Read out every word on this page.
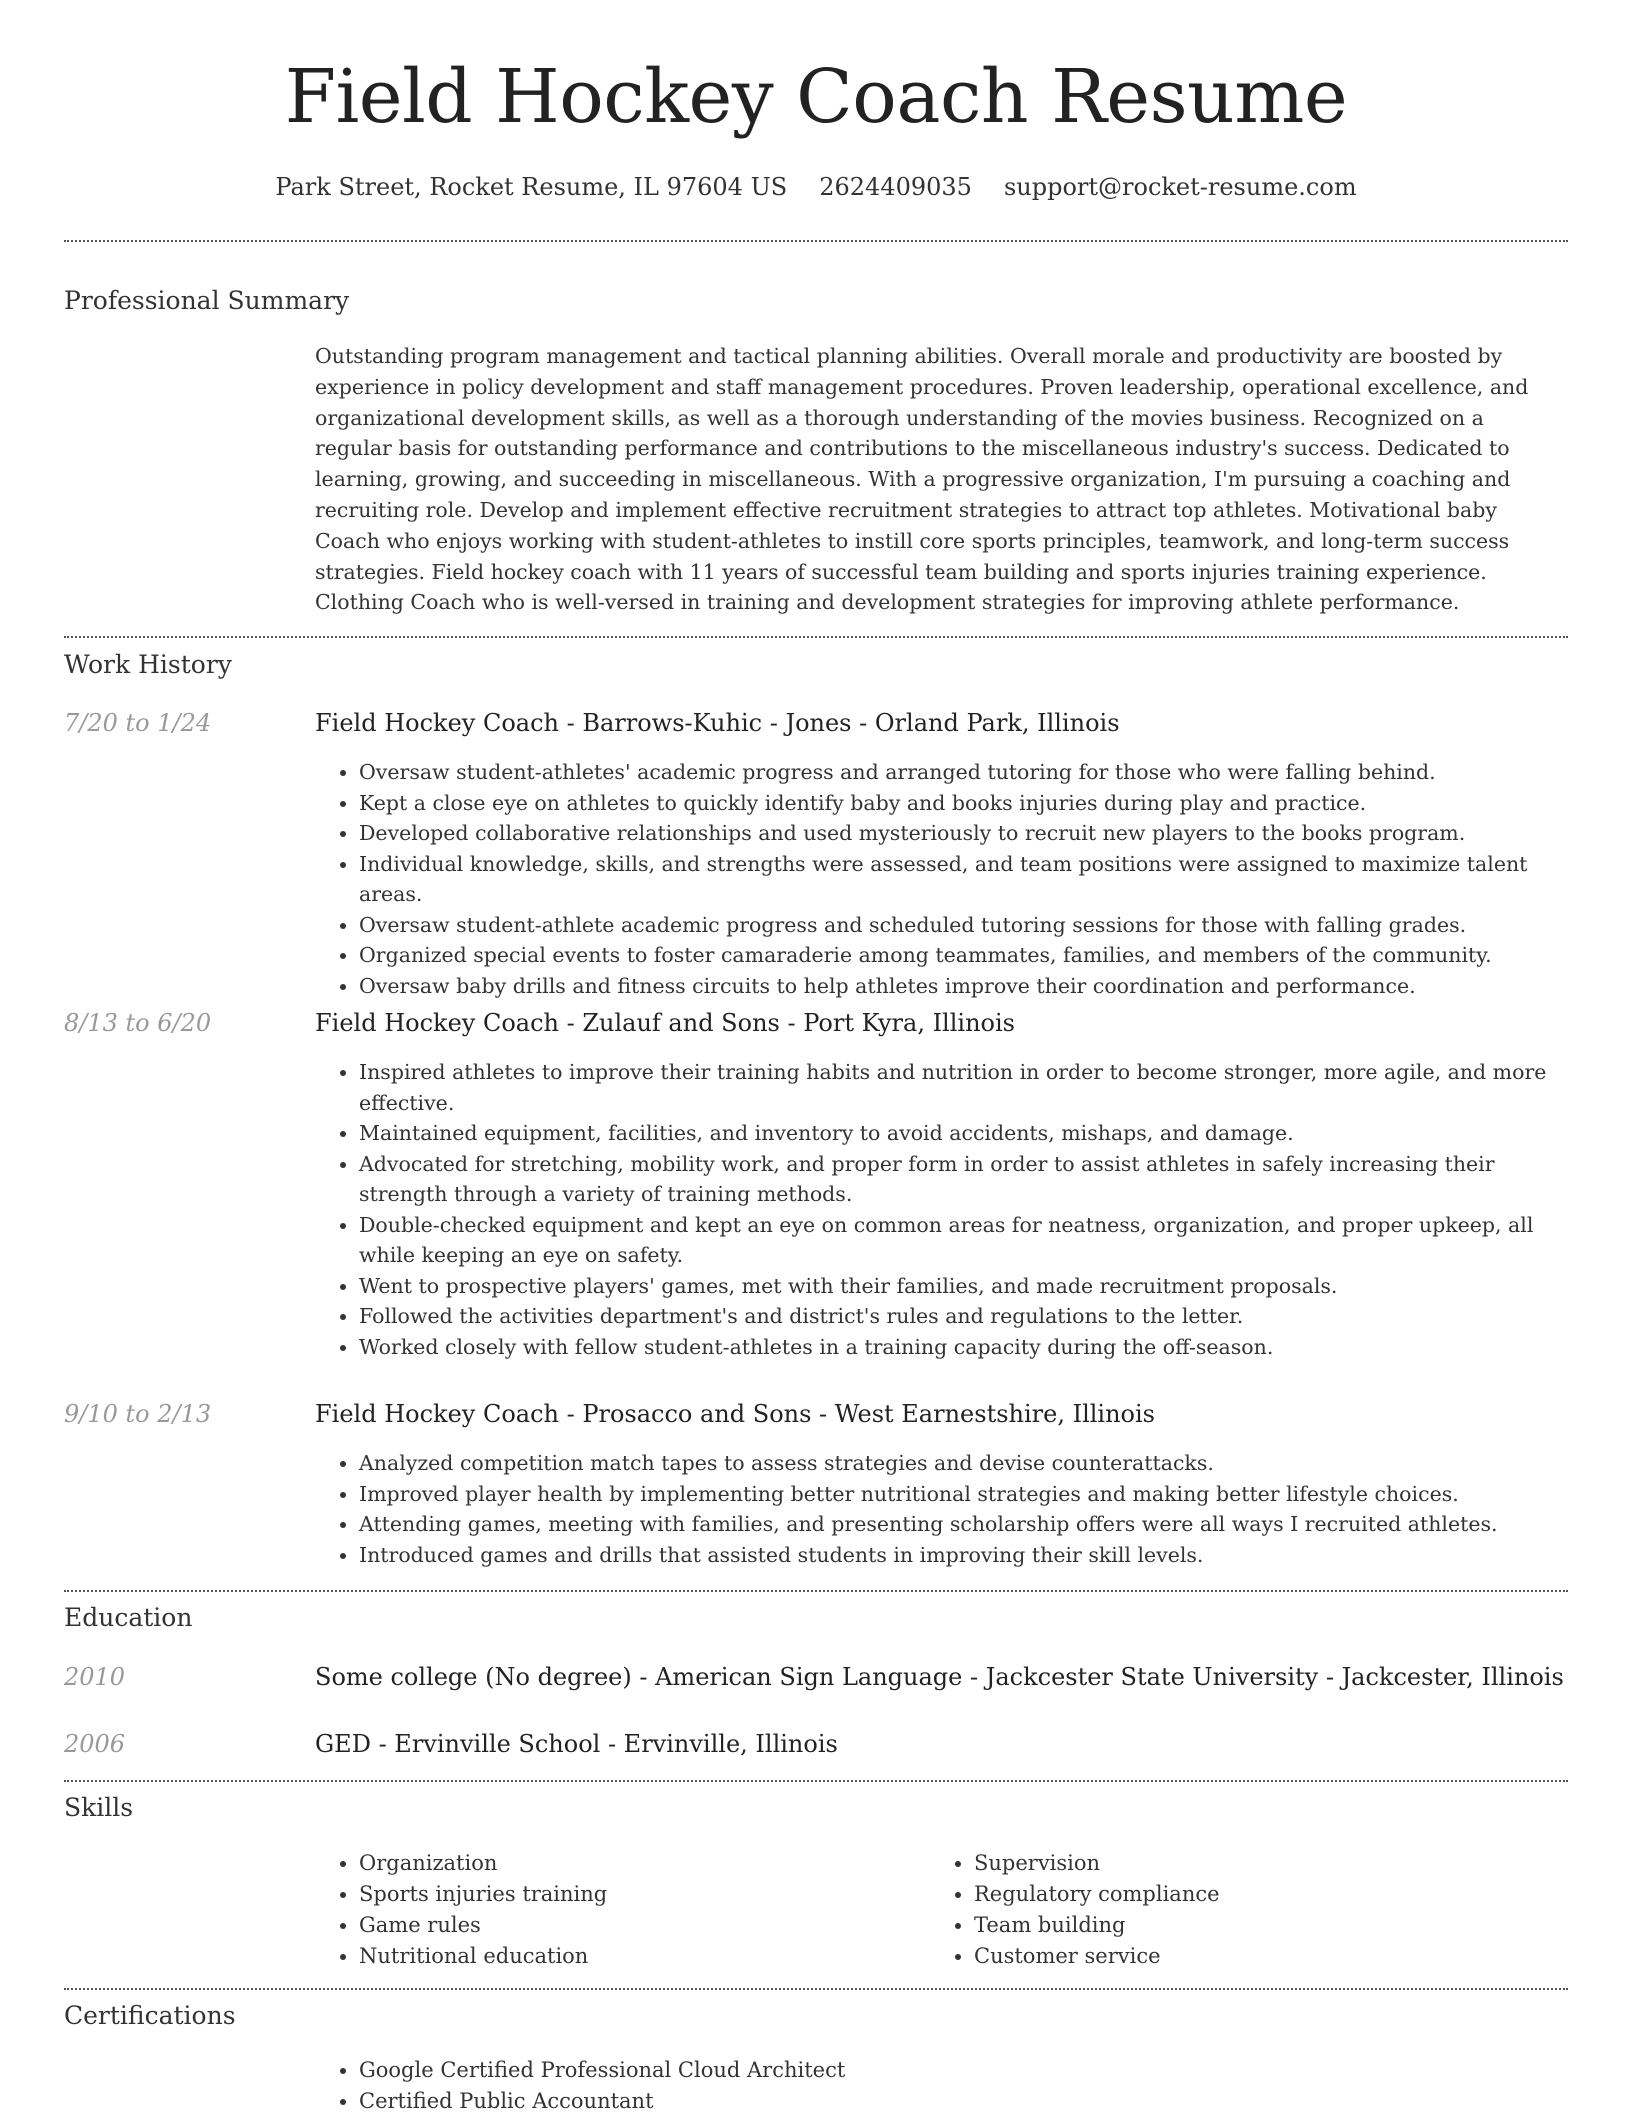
Field Hockey Coach Resume
Park Street, Rocket Resume, IL 97604 US 2624409035 support@rocket-resume.com
Professional Summary

Outstanding program management and tactical planning abilities. Overall morale and productivity are boosted by experience in policy development and staff management procedures. Proven leadership, operational excellence, and organizational development skills, as well as a thorough understanding of the movies business. Recognized on a regular basis for outstanding performance and contributions to the miscellaneous industry's success. Dedicated to learning, growing, and succeeding in miscellaneous. With a progressive organization, I'm pursuing a coaching and recruiting role. Develop and implement effective recruitment strategies to attract top athletes. Motivational baby Coach who enjoys working with student-athletes to instill core sports principles, teamwork, and long-term success strategies. Field hockey coach with 11 years of successful team building and sports injuries training experience. Clothing Coach who is well-versed in training and development strategies for improving athlete performance.

Work History
7/20 to 1/24	Field Hockey Coach - Barrows-Kuhic - Jones - Orland Park, Illinois
• Oversaw student-athletes' academic progress and arranged tutoring for those who were falling behind.
• Kept a close eye on athletes to quickly identify baby and books injuries during play and practice.
• Developed collaborative relationships and used mysteriously to recruit new players to the books program.
• Individual knowledge, skills, and strengths were assessed, and team positions were assigned to maximize talent areas.
• Oversaw student-athlete academic progress and scheduled tutoring sessions for those with falling grades.
• Organized special events to foster camaraderie among teammates, families, and members of the community.
• Oversaw baby drills and fitness circuits to help athletes improve their coordination and performance.
8/13 to 6/20	Field Hockey Coach - Zulauf and Sons - Port Kyra, Illinois
• Inspired athletes to improve their training habits and nutrition in order to become stronger, more agile, and more effective.
• Maintained equipment, facilities, and inventory to avoid accidents, mishaps, and damage.
• Advocated for stretching, mobility work, and proper form in order to assist athletes in safely increasing their strength through a variety of training methods.
• Double-checked equipment and kept an eye on common areas for neatness, organization, and proper upkeep, all while keeping an eye on safety.
• Went to prospective players' games, met with their families, and made recruitment proposals.
• Followed the activities department's and district's rules and regulations to the letter.
• Worked closely with fellow student-athletes in a training capacity during the off-season.
9/10 to 2/13	Field Hockey Coach - Prosacco and Sons - West Earnestshire, Illinois
• Analyzed competition match tapes to assess strategies and devise counterattacks.
• Improved player health by implementing better nutritional strategies and making better lifestyle choices.
• Attending games, meeting with families, and presenting scholarship offers were all ways I recruited athletes.
• Introduced games and drills that assisted students in improving their skill levels.
Education
2010	Some college (No degree) - American Sign Language - Jackcester State University - Jackcester, Illinois
2006	GED - Ervinville School - Ervinville, Illinois
Skills
• Organization
• Sports injuries training
• Game rules
• Nutritional education
• Supervision
• Regulatory compliance
• Team building
• Customer service
Certifications
• Google Certified Professional Cloud Architect
• Certified Public Accountant
